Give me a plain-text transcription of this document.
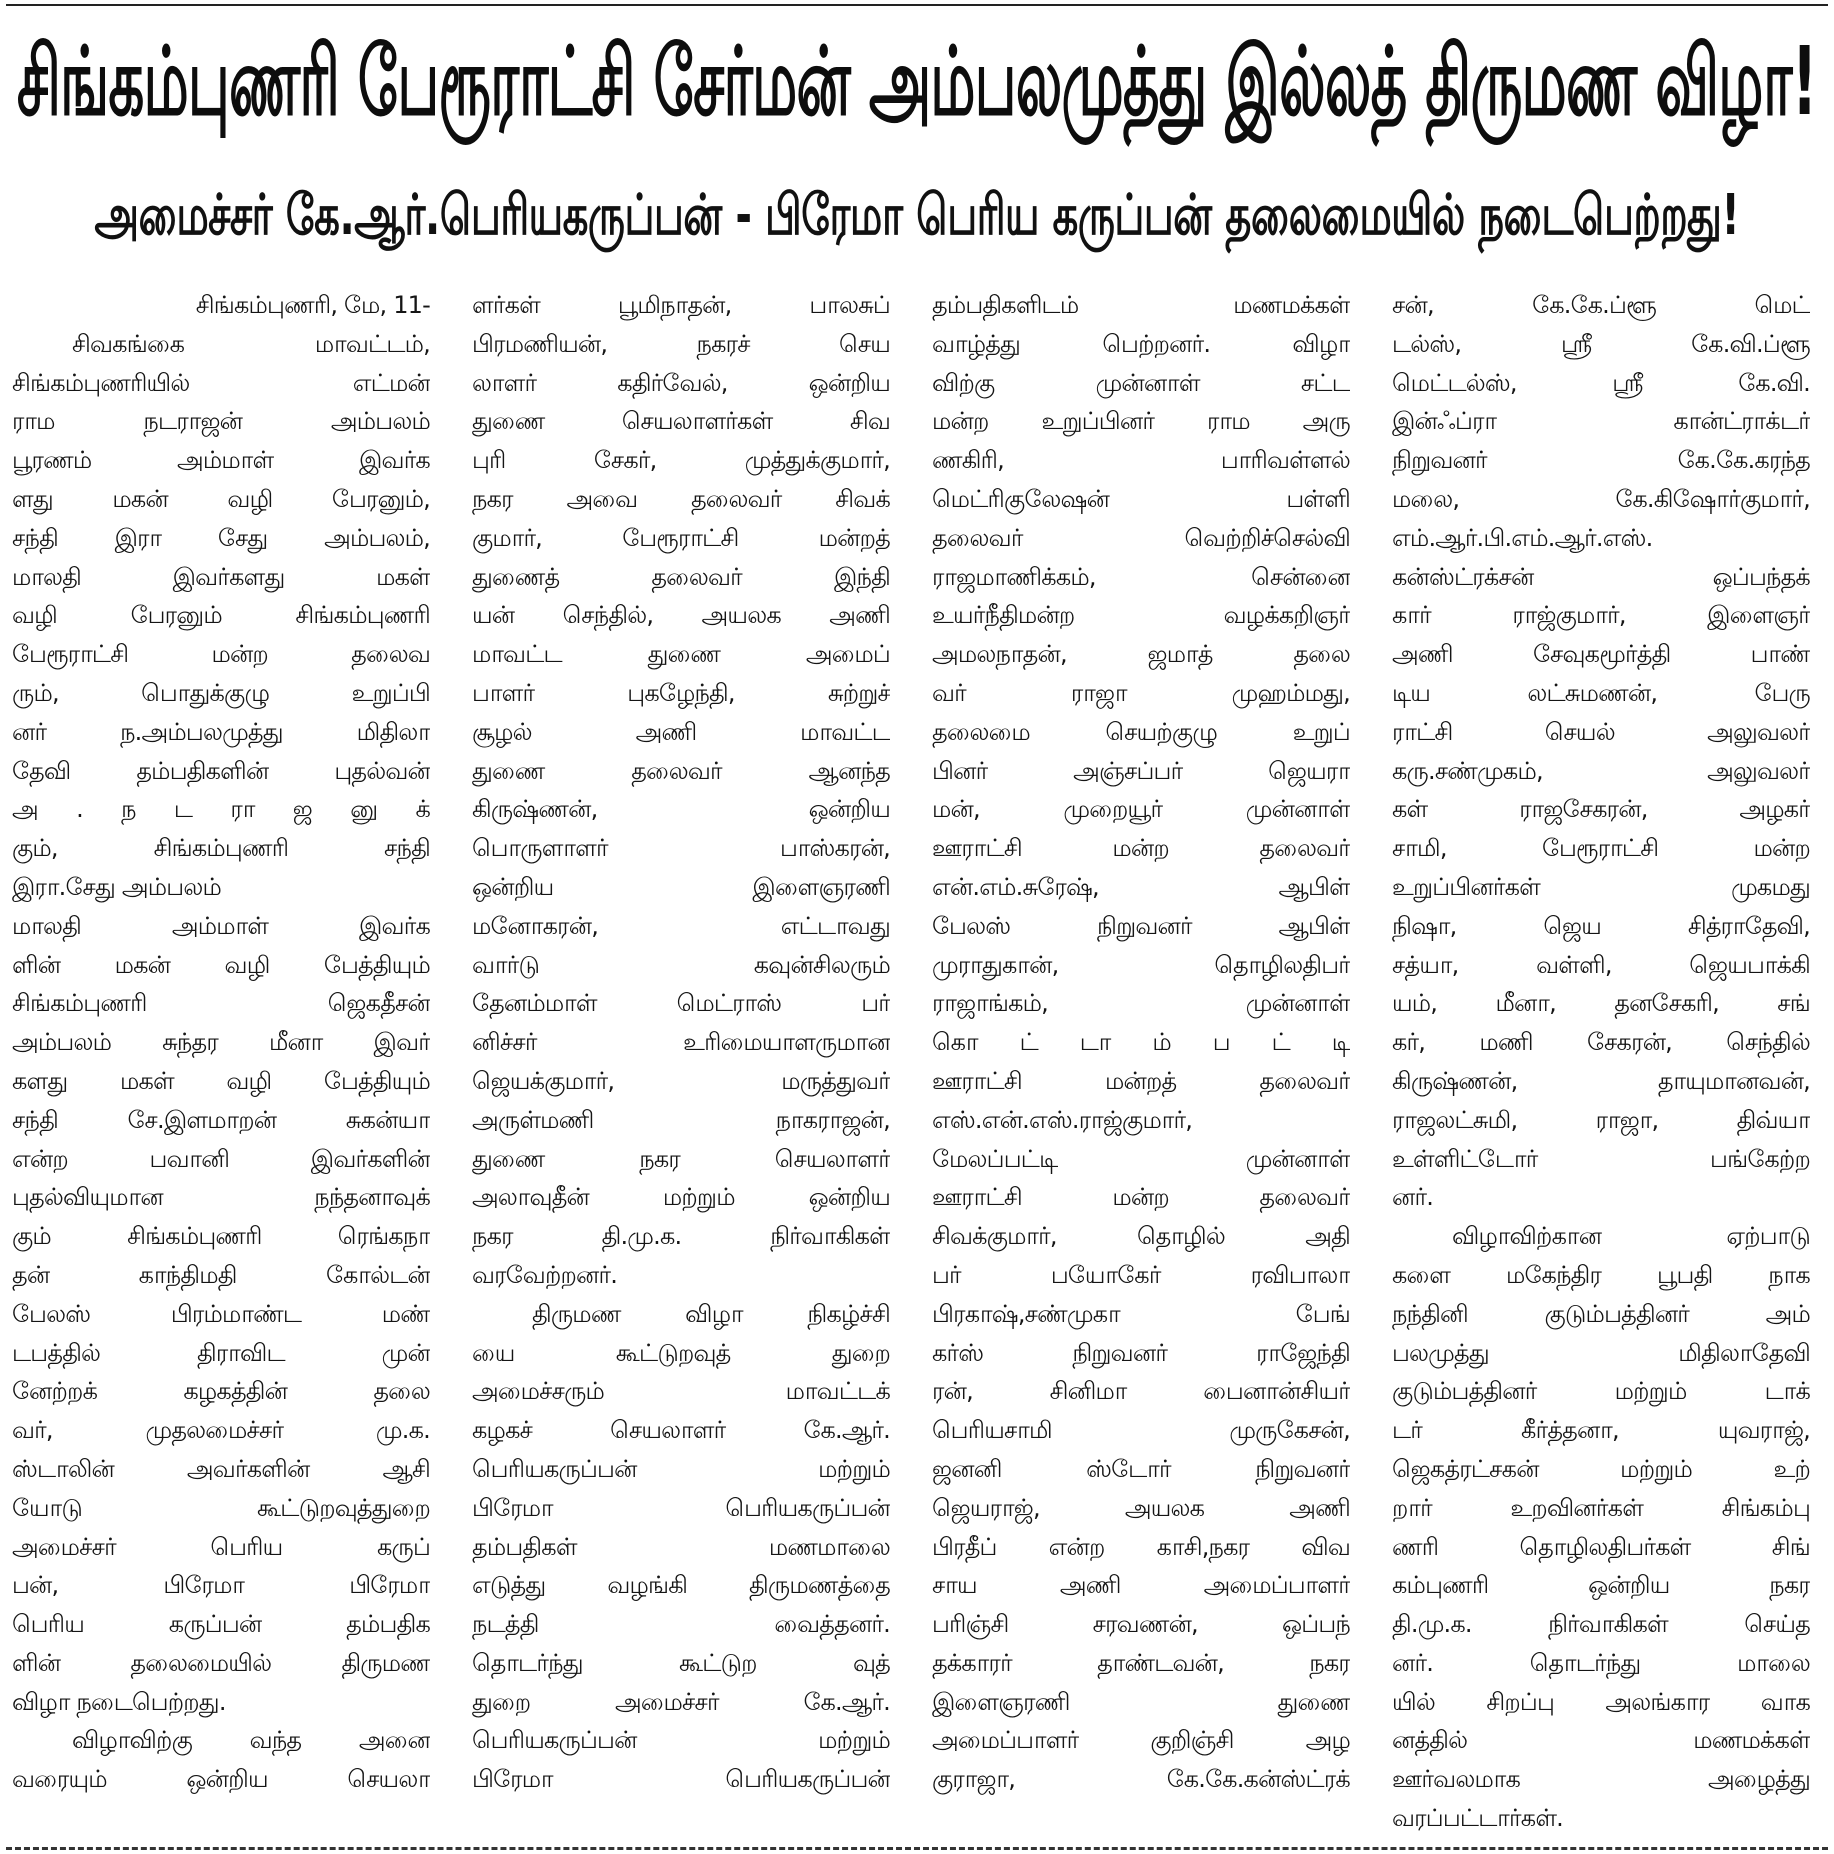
சிங்கம்புணரி பேரூராட்சி சேர்மன் அம்பலமுத்து இல்லத் திருமண விழா!
அமைச்சர் கே.ஆர்.பெரியகருப்பன் - பிரேமா பெரிய கருப்பன் தலைமையில் நடைபெற்றது!
சிங்கம்புணரி, மே, 11-
சிவகங்கை மாவட்டம்,
சிங்கம்புணரியில் எட்மன்
ராம நடராஜன் அம்பலம்
பூரணம் அம்மாள் இவர்க
ளது மகன் வழி பேரனும்,
சந்தி இரா சேது அம்பலம்,
மாலதி இவர்களது மகள்
வழி பேரனும் சிங்கம்புணரி
பேரூராட்சி மன்ற தலைவ
ரும், பொதுக்குழு உறுப்பி
னர் ந.அம்பலமுத்து மிதிலா
தேவி தம்பதிகளின் புதல்வன்
அ . ந ட ரா ஜ னு க்
கும், சிங்கம்புணரி சந்தி
இரா.சேது அம்பலம்
மாலதி அம்மாள் இவர்க
ளின் மகன் வழி பேத்தியும்
சிங்கம்புணரி ஜெகதீசன்
அம்பலம் சுந்தர மீனா இவர்
களது மகள் வழி பேத்தியும்
சந்தி சே.இளமாறன் சுகன்யா
என்ற பவானி இவர்களின்
புதல்வியுமான நந்தனாவுக்
கும் சிங்கம்புணரி ரெங்கநா
தன் காந்திமதி கோல்டன்
பேலஸ் பிரம்மாண்ட மண்
டபத்தில் திராவிட முன்
னேற்றக் கழகத்தின் தலை
வர், முதலமைச்சர் மு.க.
ஸ்டாலின் அவர்களின் ஆசி
யோடு கூட்டுறவுத்துறை
அமைச்சர் பெரிய கருப்
பன், பிரேமா பிரேமா
பெரிய கருப்பன் தம்பதிக
ளின் தலைமையில் திருமண
விழா நடைபெற்றது.
விழாவிற்கு வந்த அனை
வரையும் ஒன்றிய செயலா
ளர்கள் பூமிநாதன், பாலசுப்
பிரமணியன், நகரச் செய
லாளர் கதிர்வேல், ஒன்றிய
துணை செயலாளர்கள் சிவ
புரி சேகர், முத்துக்குமார்,
நகர அவை தலைவர் சிவக்
குமார், பேரூராட்சி மன்றத்
துணைத் தலைவர் இந்தி
யன் செந்தில், அயலக அணி
மாவட்ட துணை அமைப்
பாளர் புகழேந்தி, சுற்றுச்
சூழல் அணி மாவட்ட
துணை தலைவர் ஆனந்த
கிருஷ்ணன், ஒன்றிய
பொருளாளர் பாஸ்கரன்,
ஒன்றிய இளைஞரணி
மனோகரன், எட்டாவது
வார்டு கவுன்சிலரும்
தேனம்மாள் மெட்ராஸ் பர்
னிச்சர் உரிமையாளருமான
ஜெயக்குமார், மருத்துவர்
அருள்மணி நாகராஜன்,
துணை நகர செயலாளர்
அலாவுதீன் மற்றும் ஒன்றிய
நகர தி.மு.க. நிர்வாகிகள்
வரவேற்றனர்.
திருமண விழா நிகழ்ச்சி
யை கூட்டுறவுத் துறை
அமைச்சரும் மாவட்டக்
கழகச் செயலாளர் கே.ஆர்.
பெரியகருப்பன் மற்றும்
பிரேமா பெரியகருப்பன்
தம்பதிகள் மணமாலை
எடுத்து வழங்கி திருமணத்தை
நடத்தி வைத்தனர்.
தொடர்ந்து கூட்டுற வுத்
துறை அமைச்சர் கே.ஆர்.
பெரியகருப்பன் மற்றும்
பிரேமா பெரியகருப்பன்
தம்பதிகளிடம் மணமக்கள்
வாழ்த்து பெற்றனர். விழா
விற்கு முன்னாள் சட்ட
மன்ற உறுப்பினர் ராம அரு
ணகிரி, பாரிவள்ளல்
மெட்ரிகுலேஷன் பள்ளி
தலைவர் வெற்றிச்செல்வி
ராஜமாணிக்கம், சென்னை
உயர்நீதிமன்ற வழக்கறிஞர்
அமலநாதன், ஜமாத் தலை
வர் ராஜா முஹம்மது,
தலைமை செயற்குழு உறுப்
பினர் அஞ்சப்பர் ஜெயரா
மன், முறையூர் முன்னாள்
ஊராட்சி மன்ற தலைவர்
என்.எம்.சுரேஷ், ஆபிள்
பேலஸ் நிறுவனர் ஆபிள்
முராதுகான், தொழிலதிபர்
ராஜாங்கம், முன்னாள்
கொ ட் டா ம் ப ட் டி
ஊராட்சி மன்றத் தலைவர்
எஸ்.என்.எஸ்.ராஜ்குமார்,
மேலப்பட்டி முன்னாள்
ஊராட்சி மன்ற தலைவர்
சிவக்குமார், தொழில் அதி
பர் பயோகேர் ரவிபாலா
பிரகாஷ்,சண்முகா பேங்
கர்ஸ் நிறுவனர் ராஜேந்தி
ரன், சினிமா பைனான்சியர்
பெரியசாமி முருகேசன்,
ஜனனி ஸ்டோர் நிறுவனர்
ஜெயராஜ், அயலக அணி
பிரதீப் என்ற காசி,நகர விவ
சாய அணி அமைப்பாளர்
பரிஞ்சி சரவணன், ஒப்பந்
தக்காரர் தாண்டவன், நகர
இளைஞரணி துணை
அமைப்பாளர் குறிஞ்சி அழ
குராஜா, கே.கே.கன்ஸ்ட்ரக்
சன், கே.கே.ப்ளூ மெட்
டல்ஸ், ஸ்ரீ கே.வி.ப்ளூ
மெட்டல்ஸ், ஸ்ரீ கே.வி.
இன்ஃப்ரா கான்ட்ராக்டர்
நிறுவனர் கே.கே.கரந்த
மலை, கே.கிஷோர்குமார்,
எம்.ஆர்.பி.எம்.ஆர்.எஸ்.
கன்ஸ்ட்ரக்சன் ஒப்பந்தக்
கார் ராஜ்குமார், இளைஞர்
அணி சேவுகமூர்த்தி பாண்
டிய லட்சுமணன், பேரு
ராட்சி செயல் அலுவலர்
கரு.சண்முகம், அலுவலர்
கள் ராஜசேகரன், அழகர்
சாமி, பேரூராட்சி மன்ற
உறுப்பினர்கள் முகமது
நிஷா, ஜெய சித்ராதேவி,
சத்யா, வள்ளி, ஜெயபாக்கி
யம், மீனா, தனசேகரி, சங்
கர், மணி சேகரன், செந்தில்
கிருஷ்ணன், தாயுமானவன்,
ராஜலட்சுமி, ராஜா, திவ்யா
உள்ளிட்டோர் பங்கேற்ற
னர்.
விழாவிற்கான ஏற்பாடு
களை மகேந்திர பூபதி நாக
நந்தினி குடும்பத்தினர் அம்
பலமுத்து மிதிலாதேவி
குடும்பத்தினர் மற்றும் டாக்
டர் கீர்த்தனா, யுவராஜ்,
ஜெகத்ரட்சகன் மற்றும் உற்
றார் உறவினர்கள் சிங்கம்பு
ணரி தொழிலதிபர்கள் சிங்
கம்புணரி ஒன்றிய நகர
தி.மு.க. நிர்வாகிகள் செய்த
னர். தொடர்ந்து மாலை
யில் சிறப்பு அலங்கார வாக
னத்தில் மணமக்கள்
ஊர்வலமாக அழைத்து
வரப்பட்டார்கள்.
